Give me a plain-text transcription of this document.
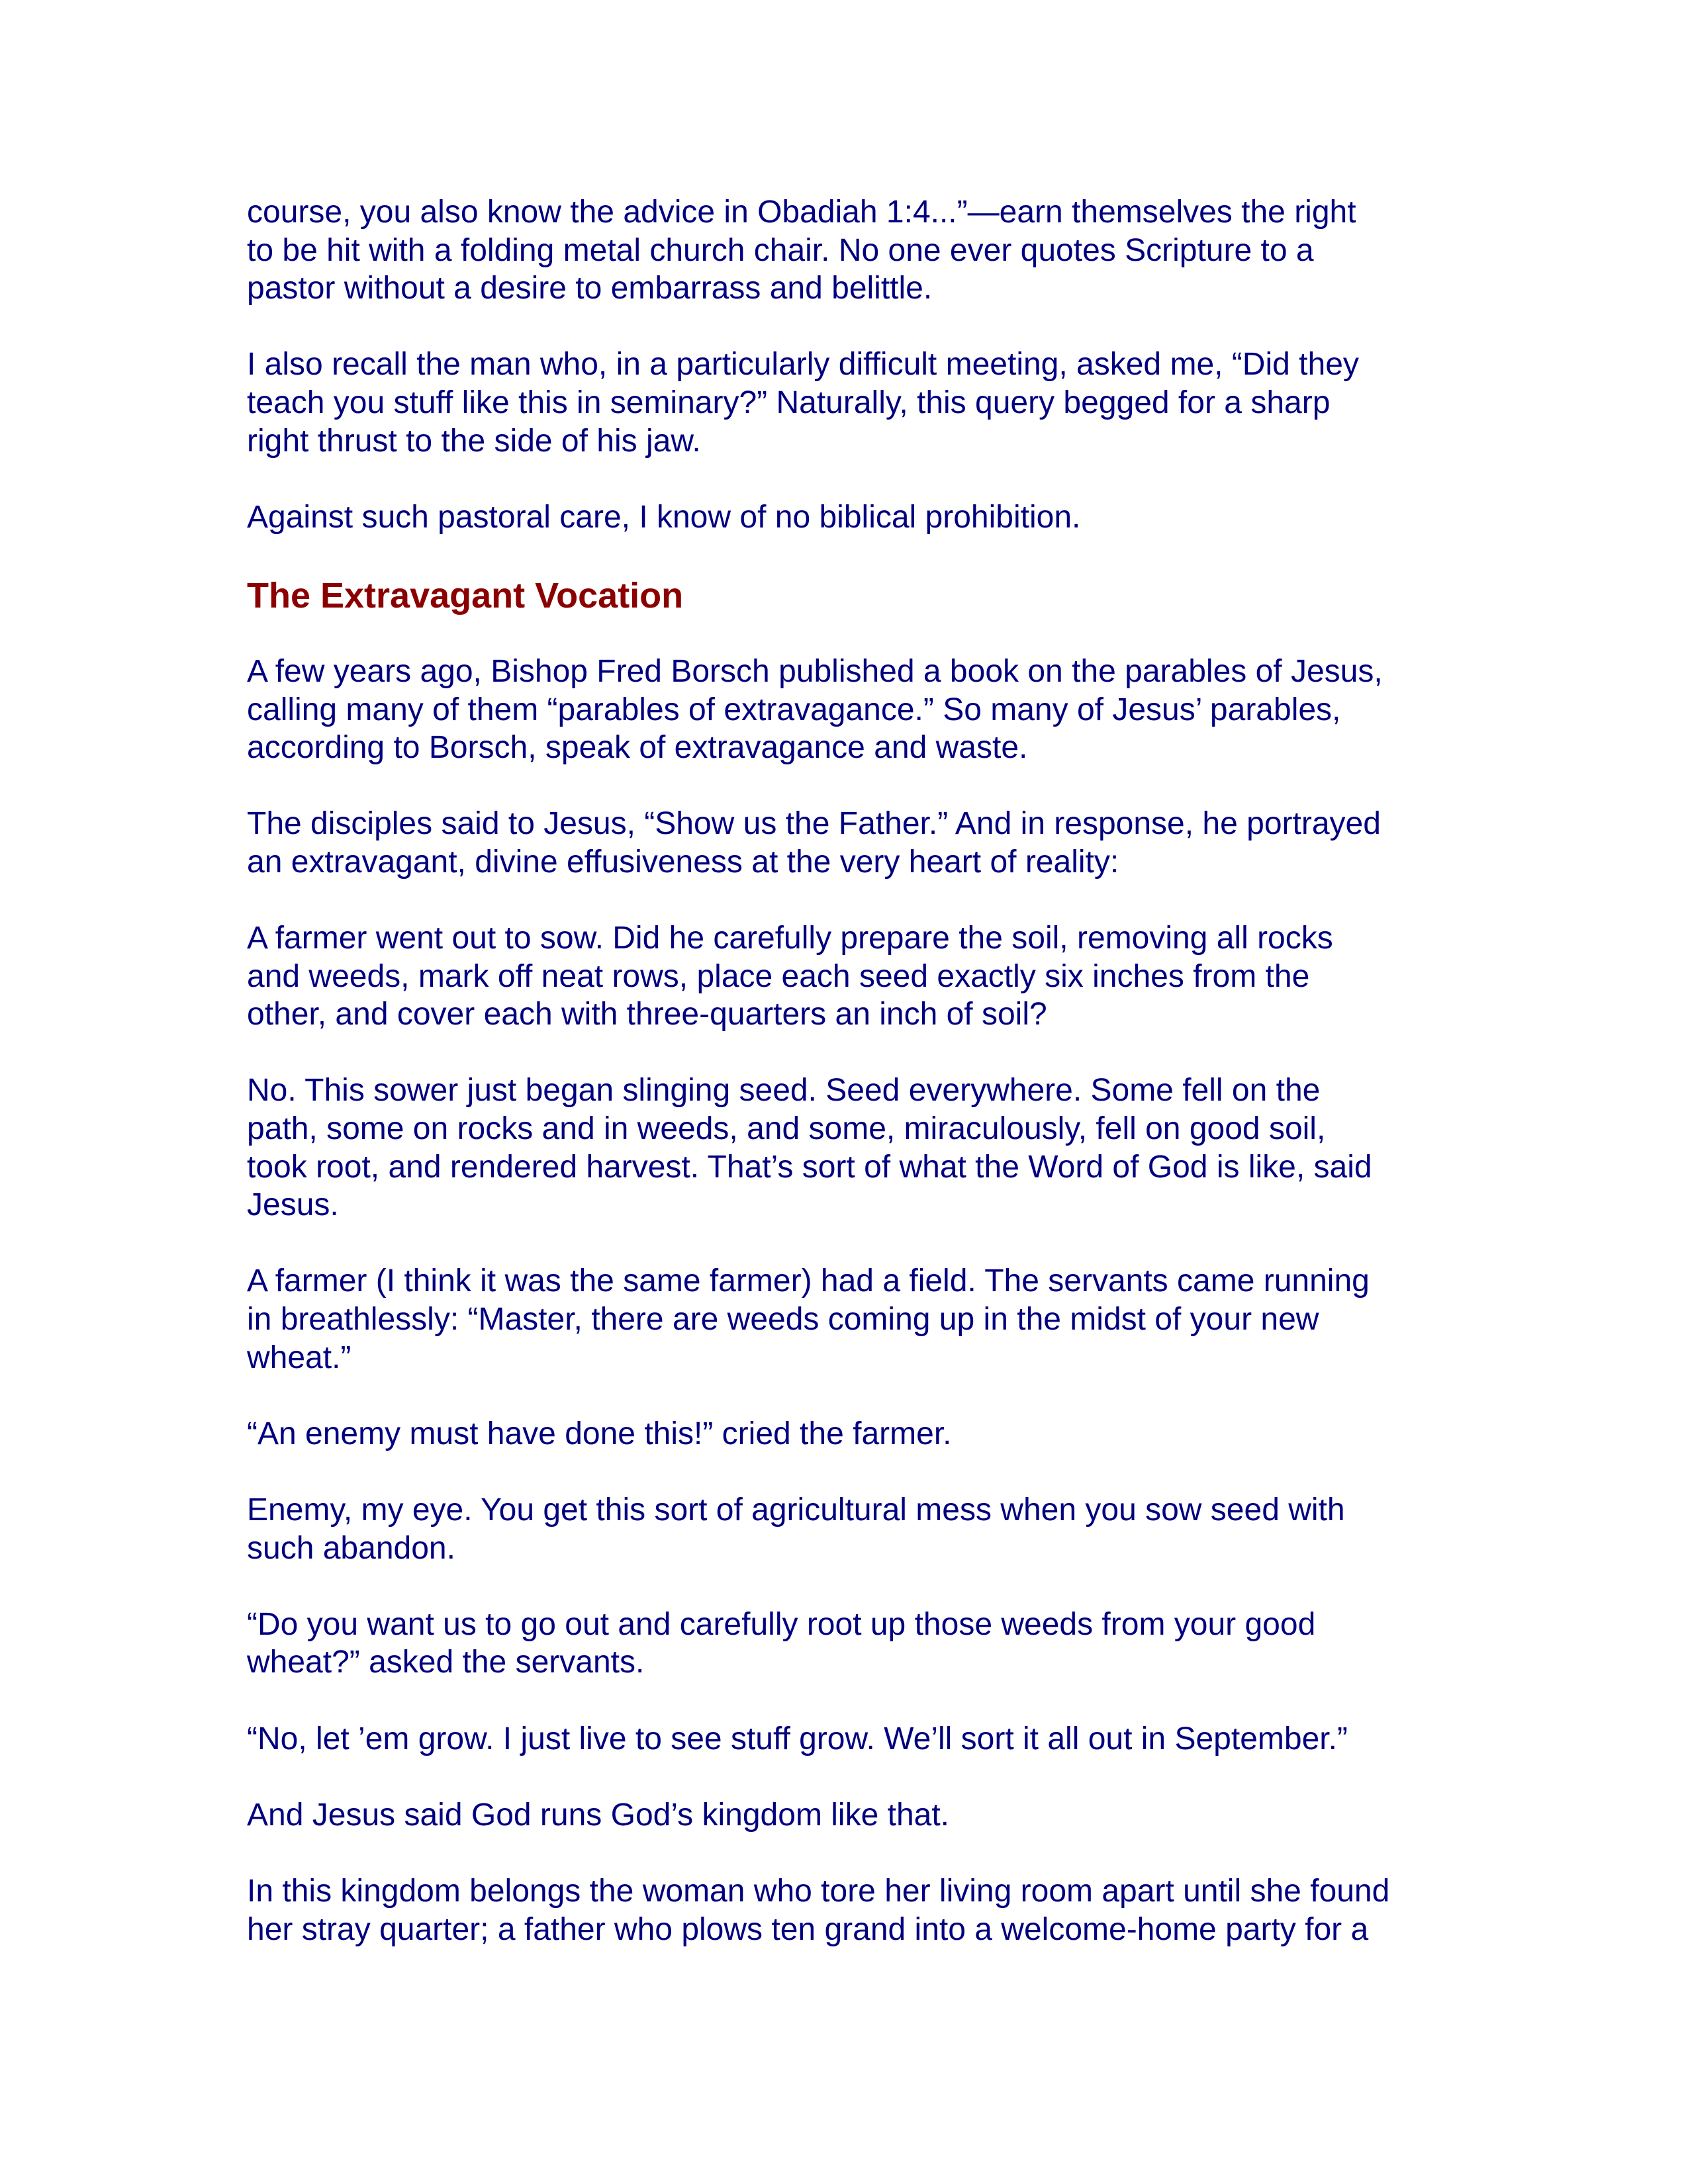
course, you also know the advice in Obadiah 1:4...”—earn themselves the right
to be hit with a folding metal church chair. No one ever quotes Scripture to a
pastor without a desire to embarrass and belittle.

I also recall the man who, in a particularly difficult meeting, asked me, “Did they
teach you stuff like this in seminary?” Naturally, this query begged for a sharp
right thrust to the side of his jaw.

Against such pastoral care, I know of no biblical prohibition.

The Extravagant Vocation

A few years ago, Bishop Fred Borsch published a book on the parables of Jesus,
calling many of them “parables of extravagance.” So many of Jesus’ parables,
according to Borsch, speak of extravagance and waste.

The disciples said to Jesus, “Show us the Father.” And in response, he portrayed
an extravagant, divine effusiveness at the very heart of reality:

A farmer went out to sow. Did he carefully prepare the soil, removing all rocks
and weeds, mark off neat rows, place each seed exactly six inches from the
other, and cover each with three-quarters an inch of soil?

No. This sower just began slinging seed. Seed everywhere. Some fell on the
path, some on rocks and in weeds, and some, miraculously, fell on good soil,
took root, and rendered harvest. That’s sort of what the Word of God is like, said
Jesus.

A farmer (I think it was the same farmer) had a field. The servants came running
in breathlessly: “Master, there are weeds coming up in the midst of your new
wheat.”

“An enemy must have done this!” cried the farmer.

Enemy, my eye. You get this sort of agricultural mess when you sow seed with
such abandon.

“Do you want us to go out and carefully root up those weeds from your good
wheat?” asked the servants.

“No, let ’em grow. I just live to see stuff grow. We’ll sort it all out in September.”

And Jesus said God runs God’s kingdom like that.

In this kingdom belongs the woman who tore her living room apart until she found
her stray quarter; a father who plows ten grand into a welcome-home party for a
